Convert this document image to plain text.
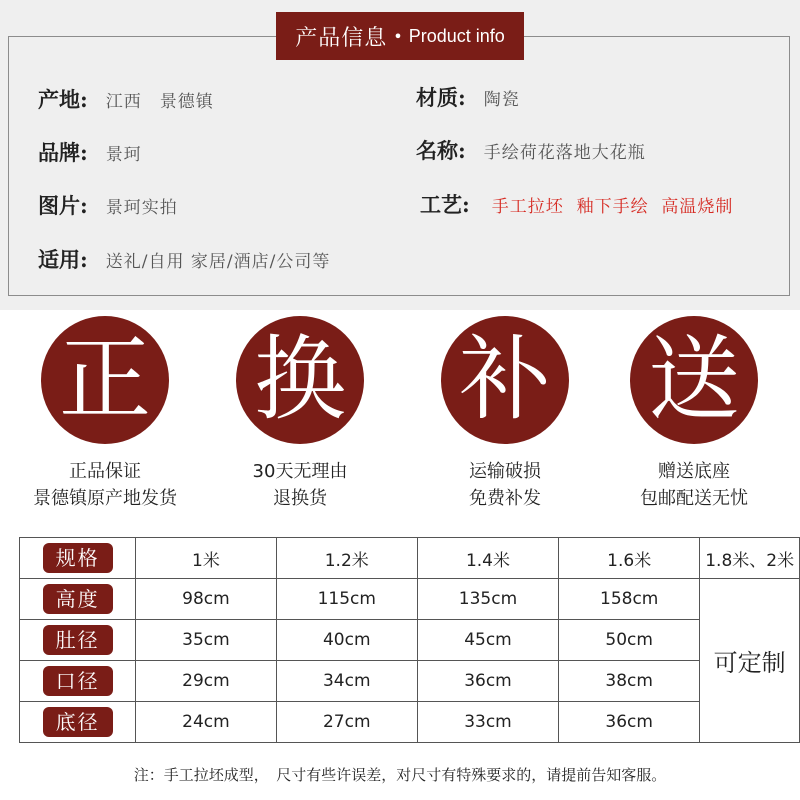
产品信息 • Product info
产地: 江西　景德镇	材质: 陶瓷
品牌: 景珂	名称: 手绘荷花落地大花瓶
图片: 景珂实拍	工艺: 手工拉坯  釉下手绘  高温烧制
适用: 送礼/自用 家居/酒店/公司等
正
正品保证
景德镇原产地发货
换
30天无理由
退换货
补
运输破损
免费补发
送
赠送底座
包邮配送无忧
规格	1米	1.2米	1.4米	1.6米	1.8米、2米
高度	98cm	115cm	135cm	158cm	可定制
肚径	35cm	40cm	45cm	50cm	
口径	29cm	34cm	36cm	38cm	
底径	24cm	27cm	33cm	36cm	
注：手工拉坯成型，　尺寸有些许误差，对尺寸有特殊要求的，请提前告知客服。
